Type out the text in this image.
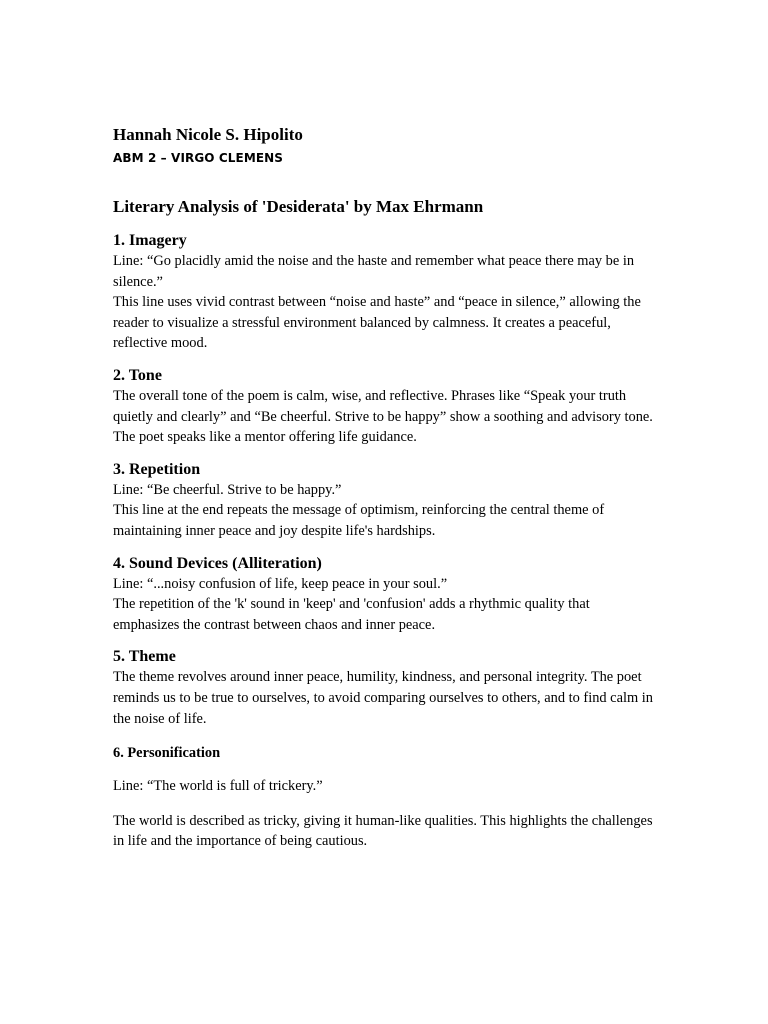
Hannah Nicole S. Hipolito

ABM 2 – VIRGO CLEMENS

Literary Analysis of 'Desiderata' by Max Ehrmann

1. Imagery

Line: “Go placidly amid the noise and the haste and remember what peace there may be in silence.”

This line uses vivid contrast between “noise and haste” and “peace in silence,” allowing the reader to visualize a stressful environment balanced by calmness. It creates a peaceful, reflective mood.

2. Tone

The overall tone of the poem is calm, wise, and reflective. Phrases like “Speak your truth quietly and clearly” and “Be cheerful. Strive to be happy” show a soothing and advisory tone. The poet speaks like a mentor offering life guidance.

3. Repetition

Line: “Be cheerful. Strive to be happy.”

This line at the end repeats the message of optimism, reinforcing the central theme of maintaining inner peace and joy despite life's hardships.

4. Sound Devices (Alliteration)

Line: “...noisy confusion of life, keep peace in your soul.”

The repetition of the 'k' sound in 'keep' and 'confusion' adds a rhythmic quality that emphasizes the contrast between chaos and inner peace.

5. Theme

The theme revolves around inner peace, humility, kindness, and personal integrity. The poet reminds us to be true to ourselves, to avoid comparing ourselves to others, and to find calm in the noise of life.

6. Personification

Line: “The world is full of trickery.”

The world is described as tricky, giving it human-like qualities. This highlights the challenges in life and the importance of being cautious.
